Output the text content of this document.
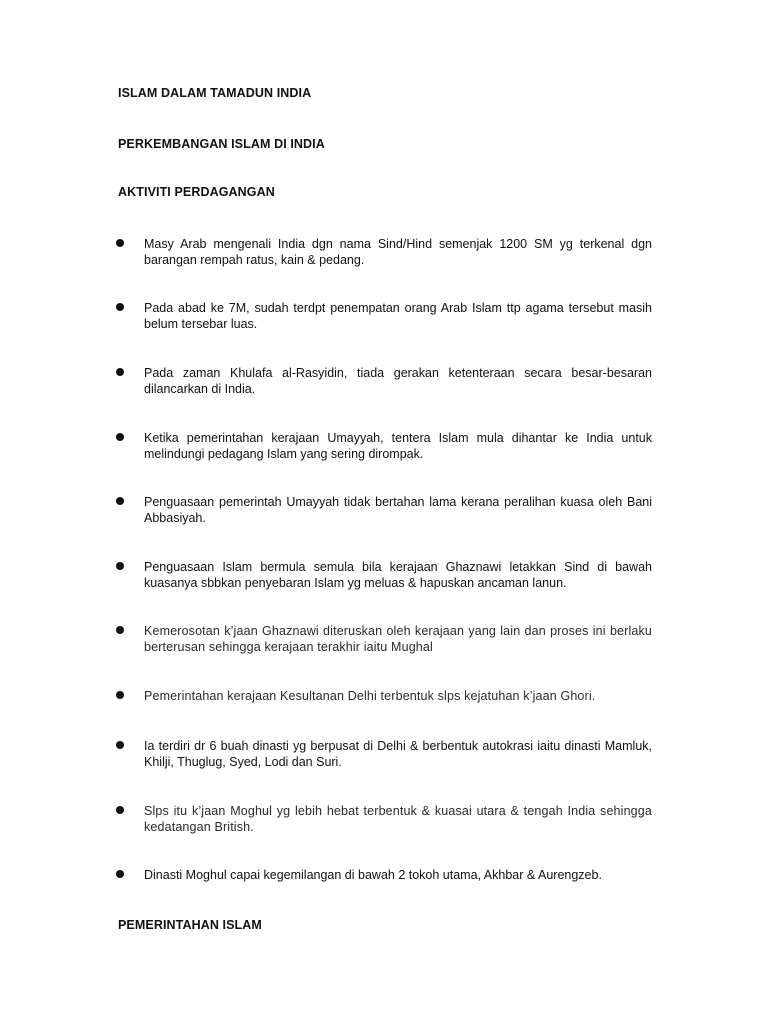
ISLAM DALAM TAMADUN INDIA
PERKEMBANGAN ISLAM DI INDIA
AKTIVITI PERDAGANGAN

Masy Arab mengenali India dgn nama Sind/Hind semenjak 1200 SM yg terkenal dgn barangan rempah ratus, kain & pedang.

Pada abad ke 7M, sudah terdpt penempatan orang Arab Islam ttp agama tersebut masih belum tersebar luas.

Pada zaman Khulafa al-Rasyidin, tiada gerakan ketenteraan secara besar-besaran dilancarkan di India.

Ketika pemerintahan kerajaan Umayyah, tentera Islam mula dihantar ke India untuk melindungi pedagang Islam yang sering dirompak.

Penguasaan pemerintah Umayyah tidak bertahan lama kerana peralihan kuasa oleh Bani Abbasiyah.

Penguasaan Islam bermula semula bila kerajaan Ghaznawi letakkan Sind di bawah kuasanya sbbkan penyebaran Islam yg meluas & hapuskan ancaman lanun.

Kemerosotan k’jaan Ghaznawi diteruskan oleh kerajaan yang lain dan proses ini berlaku berterusan sehingga kerajaan terakhir iaitu Mughal

Pemerintahan kerajaan Kesultanan Delhi terbentuk slps kejatuhan k’jaan Ghori.

Ia terdiri dr 6 buah dinasti yg berpusat di Delhi & berbentuk autokrasi iaitu dinasti Mamluk, Khilji, Thuglug, Syed, Lodi dan Suri.

Slps itu k’jaan Moghul yg lebih hebat terbentuk & kuasai utara & tengah India sehingga kedatangan British.

Dinasti Moghul capai kegemilangan di bawah 2 tokoh utama, Akhbar & Aurengzeb.

PEMERINTAHAN ISLAM
